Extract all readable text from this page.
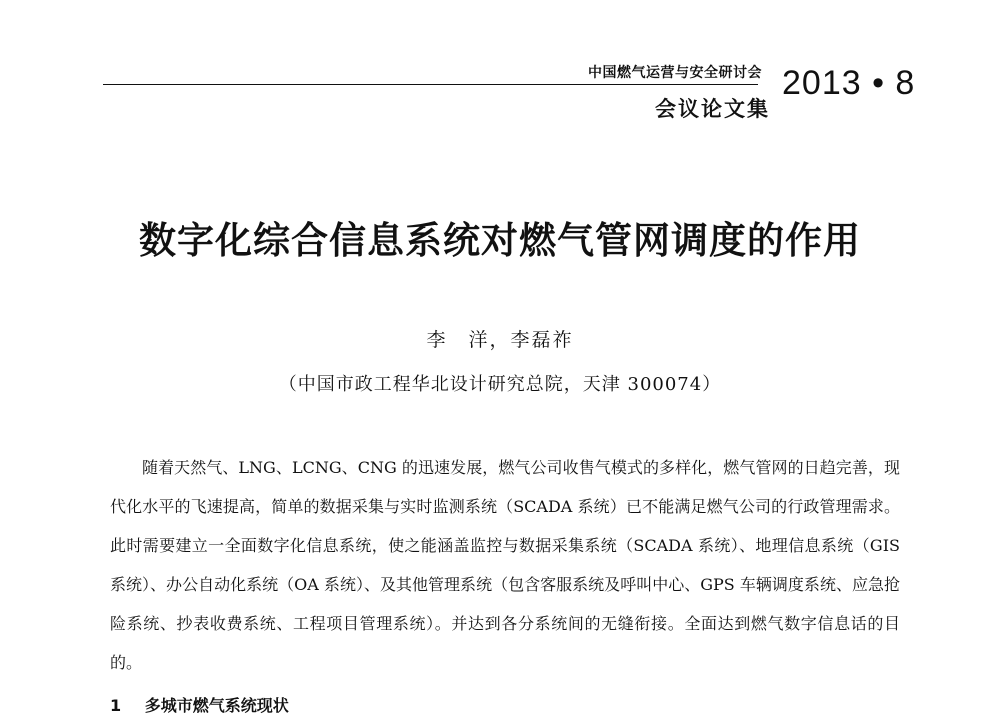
中国燃气运营与安全研讨会
会议论文集
2013 • 8
数字化综合信息系统对燃气管网调度的作用
李　洋，李磊祚
（中国市政工程华北设计研究总院，天津 300074）

随着天然气、LNG、LCNG、CNG 的迅速发展，燃气公司收售气模式的多样化，燃气管网的日趋完善，现代化水平的飞速提高，简单的数据采集与实时监测系统（SCADA 系统）已不能满足燃气公司的行政管理需求。此时需要建立一全面数字化信息系统，使之能涵盖监控与数据采集系统（SCADA 系统）、地理信息系统（GIS 系统）、办公自动化系统（OA 系统）、及其他管理系统（包含客服系统及呼叫中心、GPS 车辆调度系统、应急抢险系统、抄表收费系统、工程项目管理系统）。并达到各分系统间的无缝衔接。全面达到燃气数字信息话的目的。

1 多城市燃气系统现状
